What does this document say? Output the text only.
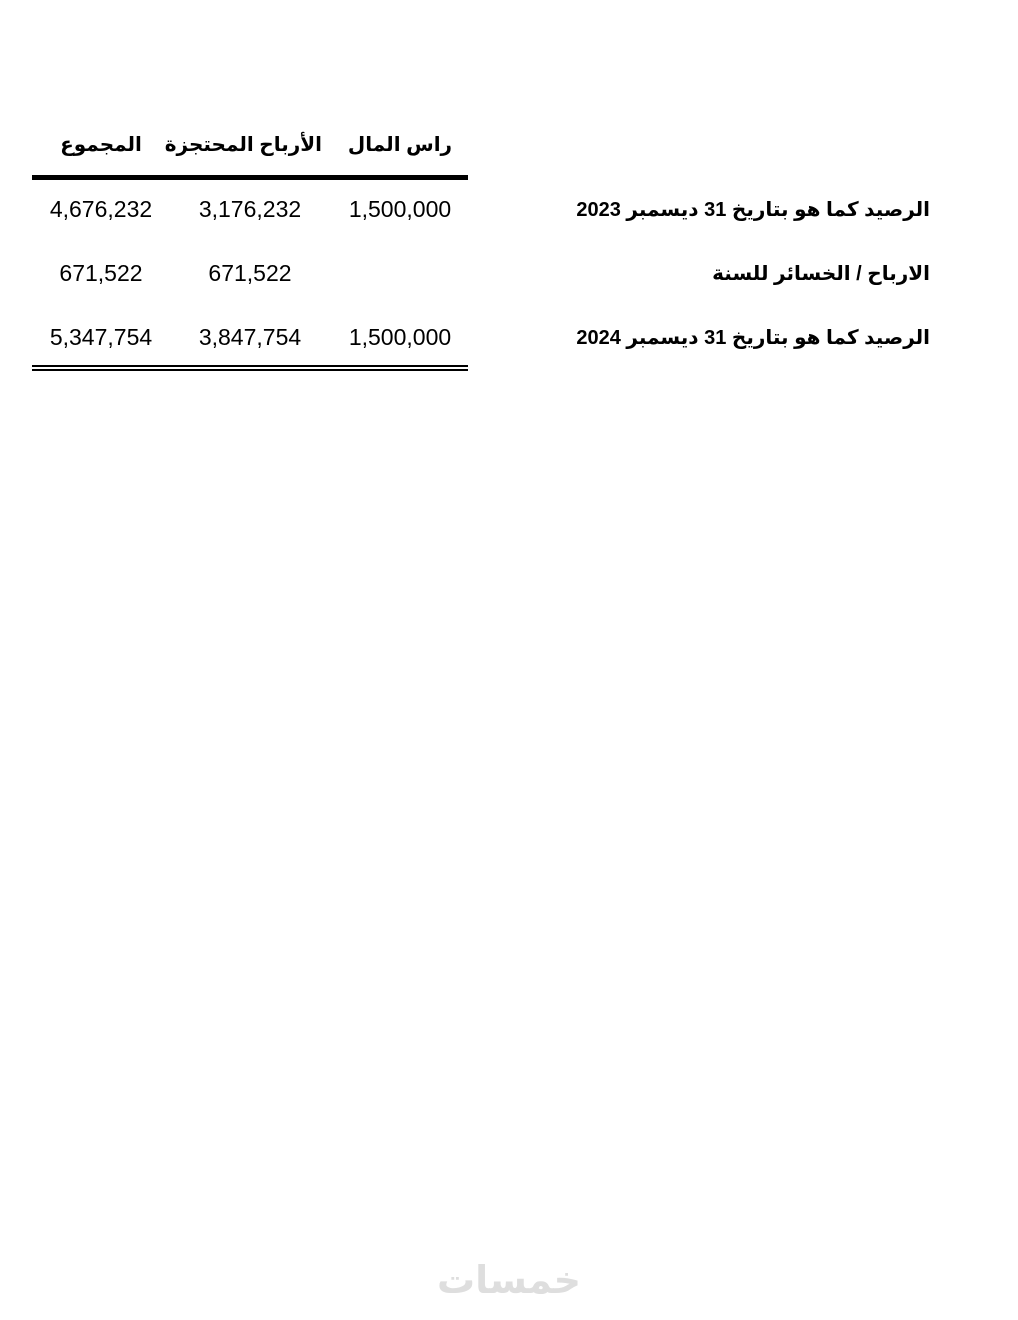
راس المال
الأرباح المحتجزة
المجموع
1,500,000
3,176,232
4,676,232
671,522
671,522
1,500,000
3,847,754
5,347,754
الرصيد كما هو بتاريخ 31 ديسمبر 2023
الارباح / الخسائر للسنة
الرصيد كما هو بتاريخ 31 ديسمبر 2024
خمسات
